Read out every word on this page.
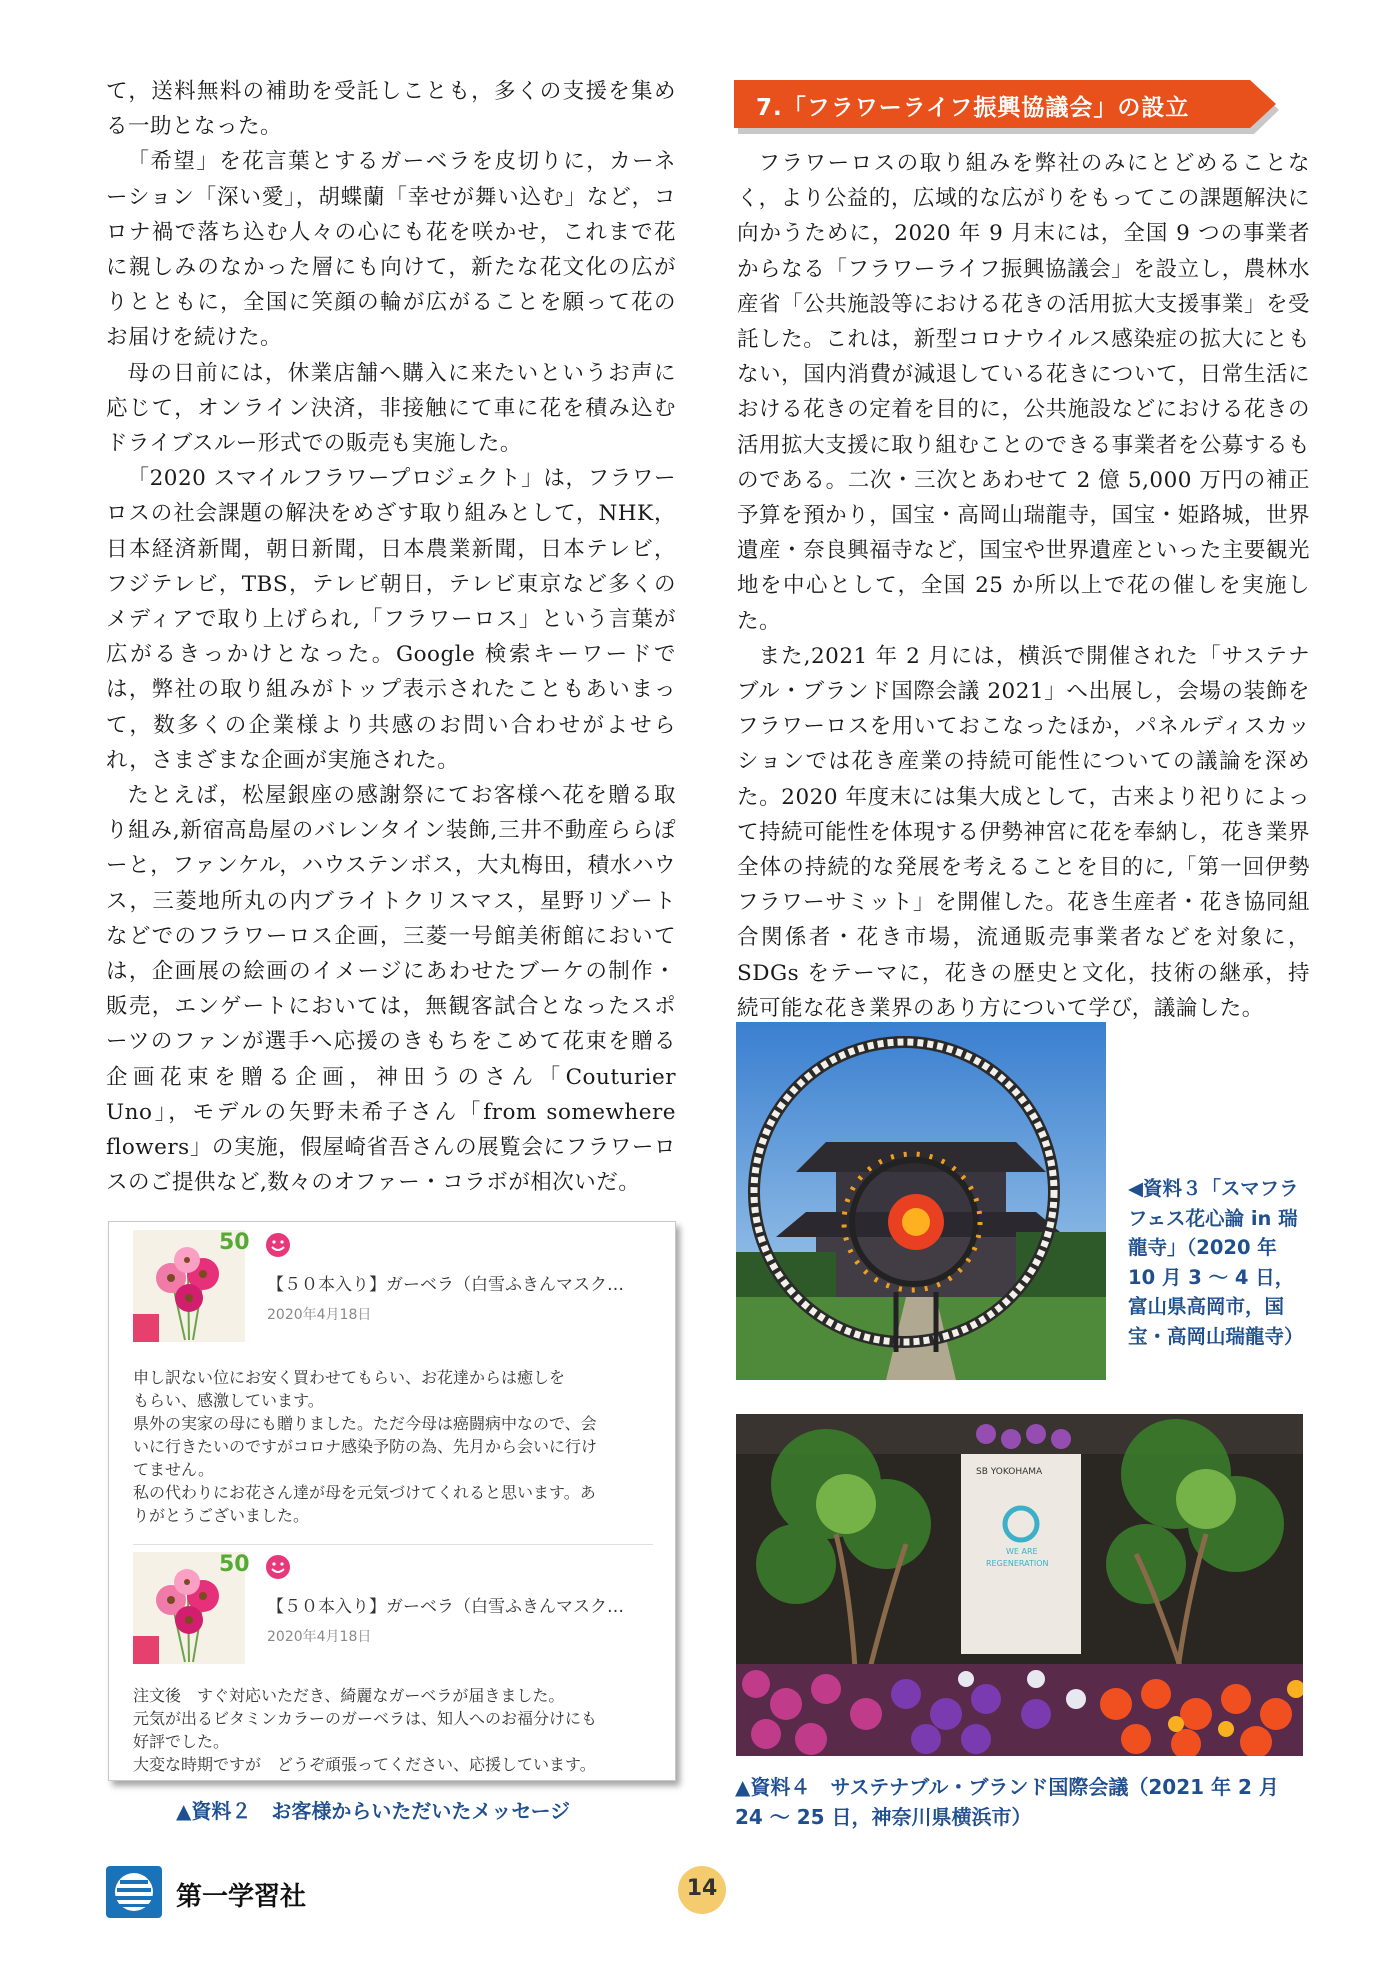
て，送料無料の補助を受託しことも，多くの支援を集める一助となった。

「希望」を花言葉とするガーベラを皮切りに，カーネーション「深い愛」，胡蝶蘭「幸せが舞い込む」など，コロナ禍で落ち込む人々の心にも花を咲かせ，これまで花に親しみのなかった層にも向けて，新たな花文化の広がりとともに，全国に笑顔の輪が広がることを願って花のお届けを続けた。

母の日前には，休業店舗へ購入に来たいというお声に応じて，オンライン決済，非接触にて車に花を積み込むドライブスルー形式での販売も実施した。

「2020 スマイルフラワープロジェクト」は，フラワーロスの社会課題の解決をめざす取り組みとして，NHK，日本経済新聞，朝日新聞，日本農業新聞，日本テレビ，フジテレビ，TBS，テレビ朝日，テレビ東京など多くのメディアで取り上げられ,「フラワーロス」という言葉が広がるきっかけとなった。Google 検索キーワードでは，弊社の取り組みがトップ表示されたこともあいまって，数多くの企業様より共感のお問い合わせがよせられ，さまざまな企画が実施された。

たとえば，松屋銀座の感謝祭にてお客様へ花を贈る取り組み,新宿高島屋のバレンタイン装飾,三井不動産ららぽーと，ファンケル，ハウステンボス，大丸梅田，積水ハウス，三菱地所丸の内ブライトクリスマス，星野リゾートなどでのフラワーロス企画，三菱一号館美術館においては，企画展の絵画のイメージにあわせたブーケの制作・販売，エンゲートにおいては，無観客試合となったスポーツのファンが選手へ応援のきもちをこめて花束を贈る企画花束を贈る企画，神田うのさん「Couturier Uno」，モデルの矢野未希子さん「from somewhere flowers」の実施，假屋崎省吾さんの展覧会にフラワーロスのご提供など,数々のオファー・コラボが相次いだ。

7.「フラワーライフ振興協議会」の設立

フラワーロスの取り組みを弊社のみにとどめることなく，より公益的，広域的な広がりをもってこの課題解決に向かうために，2020 年 9 月末には，全国 9 つの事業者からなる「フラワーライフ振興協議会」を設立し，農林水産省「公共施設等における花きの活用拡大支援事業」を受託した。これは，新型コロナウイルス感染症の拡大にともない，国内消費が減退している花きについて，日常生活における花きの定着を目的に，公共施設などにおける花きの活用拡大支援に取り組むことのできる事業者を公募するものである。二次・三次とあわせて 2 億 5,000 万円の補正予算を預かり，国宝・高岡山瑞龍寺，国宝・姫路城，世界遺産・奈良興福寺など，国宝や世界遺産といった主要観光地を中心として，全国 25 か所以上で花の催しを実施した。

また,2021 年 2 月には，横浜で開催された「サステナブル・ブランド国際会議 2021」へ出展し，会場の装飾をフラワーロスを用いておこなったほか，パネルディスカッションでは花き産業の持続可能性についての議論を深めた。2020 年度末には集大成として，古来より祀りによって持続可能性を体現する伊勢神宮に花を奉納し，花き業界全体の持続的な発展を考えることを目的に,「第一回伊勢フラワーサミット」を開催した。花き生産者・花き協同組合関係者・花き市場，流通販売事業者などを対象に，SDGs をテーマに，花きの歴史と文化，技術の継承，持続可能な花き業界のあり方について学び，議論した。

50
【５０本入り】ガーベラ（白雪ふきんマスク…
2020年4月18日
申し訳ない位にお安く買わせてもらい、お花達からは癒しを
もらい、感激しています。
県外の実家の母にも贈りました。ただ今母は癌闘病中なので、会
いに行きたいのですがコロナ感染予防の為、先月から会いに行け
てません。
私の代わりにお花さん達が母を元気づけてくれると思います。あ
りがとうございました。
50
【５０本入り】ガーベラ（白雪ふきんマスク…
2020年4月18日
注文後　すぐ対応いただき、綺麗なガーベラが届きました。
元気が出るビタミンカラーのガーベラは、知人へのお福分けにも
好評でした。
大変な時期ですが　どうぞ頑張ってください、応援しています。
▲資料２　お客様からいただいたメッセージ
◀資料３「スマフラフェス花心論 in 瑞龍寺」（2020 年 10 月 3 ～ 4 日，富山県高岡市，国宝・高岡山瑞龍寺）
SB YOKOHAMA
WE ARE
REGENERATION
▲資料４　サステナブル・ブランド国際会議（2021 年 2 月 24 ～ 25 日，神奈川県横浜市）
第一学習社	14
